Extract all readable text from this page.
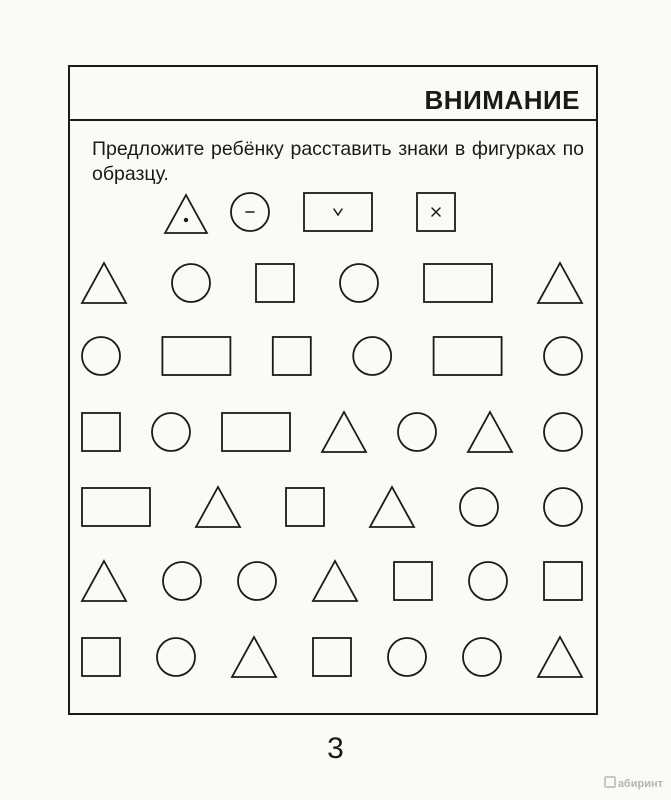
ВНИМАНИЕ
Предложите ребёнку расставить знаки в фигурках по образцу.
3
абиринт
